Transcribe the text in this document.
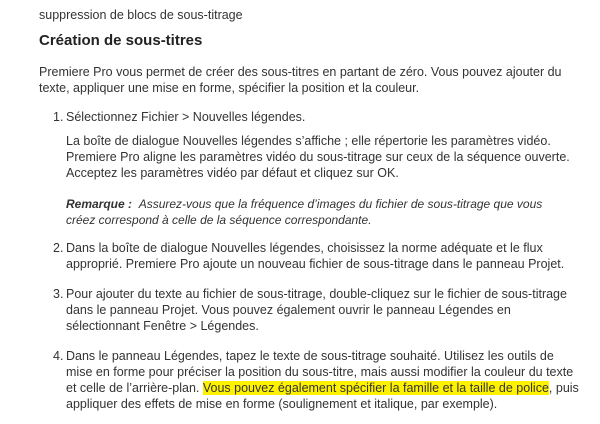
suppression de blocs de sous-titrage

Création de sous-titres

Premiere Pro vous permet de créer des sous-titres en partant de zéro. Vous pouvez ajouter du texte, appliquer une mise en forme, spécifier la position et la couleur.

1. Sélectionnez Fichier > Nouvelles légendes.

La boîte de dialogue Nouvelles légendes s’affiche ; elle répertorie les paramètres vidéo. Premiere Pro aligne les paramètres vidéo du sous-titrage sur ceux de la séquence ouverte. Acceptez les paramètres vidéo par défaut et cliquez sur OK.

Remarque : Assurez-vous que la fréquence d’images du fichier de sous-titrage que vous créez correspond à celle de la séquence correspondante.

2. Dans la boîte de dialogue Nouvelles légendes, choisissez la norme adéquate et le flux approprié. Premiere Pro ajoute un nouveau fichier de sous-titrage dans le panneau Projet.

3. Pour ajouter du texte au fichier de sous-titrage, double-cliquez sur le fichier de sous-titrage dans le panneau Projet. Vous pouvez également ouvrir le panneau Légendes en sélectionnant Fenêtre > Légendes.

4. Dans le panneau Légendes, tapez le texte de sous-titrage souhaité. Utilisez les outils de mise en forme pour préciser la position du sous-titre, mais aussi modifier la couleur du texte et celle de l’arrière-plan. Vous pouvez également spécifier la famille et la taille de police, puis appliquer des effets de mise en forme (soulignement et italique, par exemple).
